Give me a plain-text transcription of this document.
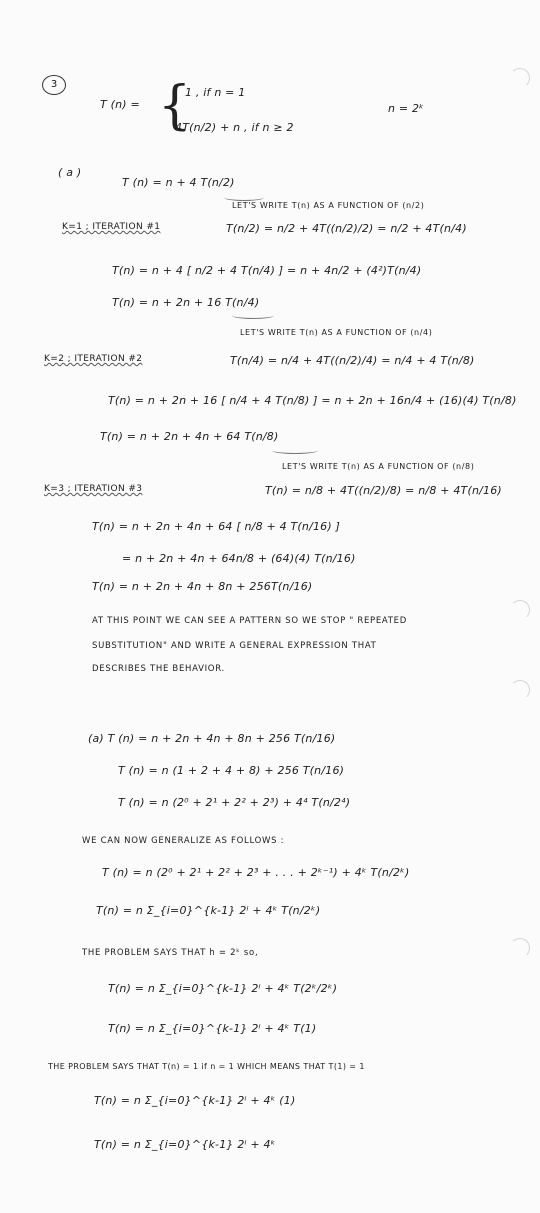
3
T (n) = {
1 , if n = 1
4T(n/2) + n , if n ≥ 2
n = 2ᵏ
( a )
T (n) = n + 4 T(n/2)
LET'S WRITE T(n) AS A FUNCTION OF (n/2)
K=1 ; ITERATION #1	T(n/2) = n/2 + 4T((n/2)/2) = n/2 + 4T(n/4)
T(n) = n + 4 [ n/2 + 4 T(n/4) ] = n + 4n/2 + (4²)T(n/4)
T(n) = n + 2n + 16 T(n/4)
LET'S WRITE T(n) AS A FUNCTION OF (n/4)
K=2 ; ITERATION #2	T(n/4) = n/4 + 4T((n/2)/4) = n/4 + 4 T(n/8)
T(n) = n + 2n + 16 [ n/4 + 4 T(n/8) ] = n + 2n + 16n/4 + (16)(4) T(n/8)
T(n) = n + 2n + 4n + 64 T(n/8)
LET'S WRITE T(n) AS A FUNCTION OF (n/8)
K=3 ; ITERATION #3	T(n) = n/8 + 4T((n/2)/8) = n/8 + 4T(n/16)
T(n) = n + 2n + 4n + 64 [ n/8 + 4 T(n/16) ]
= n + 2n + 4n + 64n/8 + (64)(4) T(n/16)
T(n) = n + 2n + 4n + 8n + 256T(n/16)
AT THIS POINT WE CAN SEE A PATTERN SO WE STOP " REPEATED
SUBSTITUTION" AND WRITE A GENERAL EXPRESSION THAT
DESCRIBES THE BEHAVIOR.
(a) T (n) = n + 2n + 4n + 8n + 256 T(n/16)
T (n) = n (1 + 2 + 4 + 8) + 256 T(n/16)
T (n) = n (2⁰ + 2¹ + 2² + 2³) + 4⁴ T(n/2⁴)
WE CAN NOW GENERALIZE AS FOLLOWS :
T (n) = n (2⁰ + 2¹ + 2² + 2³ + . . . + 2ᵏ⁻¹) + 4ᵏ T(n/2ᵏ)
T(n) = n Σ_{i=0}^{k-1} 2ⁱ + 4ᵏ T(n/2ᵏ)
THE PROBLEM SAYS THAT h = 2ᵏ so,
T(n) = n Σ_{i=0}^{k-1} 2ⁱ + 4ᵏ T(2ᵏ/2ᵏ)
T(n) = n Σ_{i=0}^{k-1} 2ⁱ + 4ᵏ T(1)
THE PROBLEM SAYS THAT T(n) = 1 if n = 1 WHICH MEANS THAT T(1) = 1
T(n) = n Σ_{i=0}^{k-1} 2ⁱ + 4ᵏ (1)
T(n) = n Σ_{i=0}^{k-1} 2ⁱ + 4ᵏ
